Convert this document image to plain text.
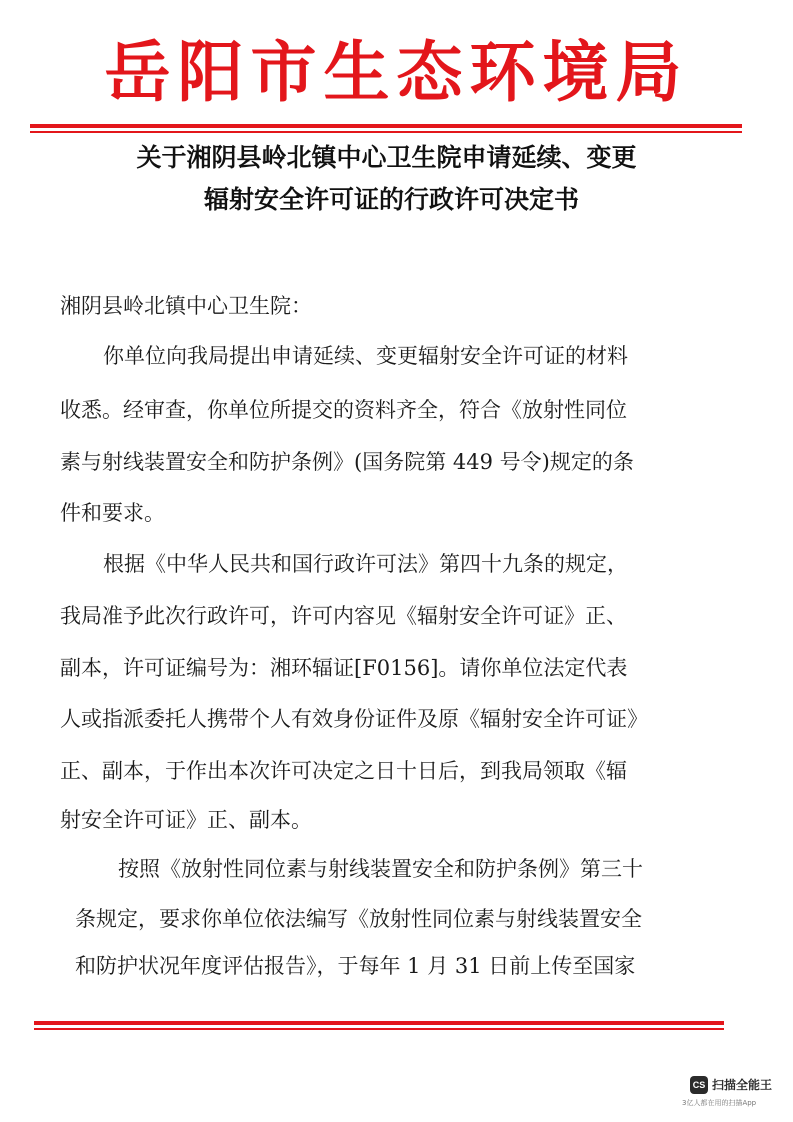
岳阳市生态环境局
关于湘阴县岭北镇中心卫生院申请延续、变更
辐射安全许可证的行政许可决定书
湘阴县岭北镇中心卫生院：
你单位向我局提出申请延续、变更辐射安全许可证的材料
收悉。经审查，你单位所提交的资料齐全，符合《放射性同位
素与射线装置安全和防护条例》(国务院第 449 号令)规定的条
件和要求。
根据《中华人民共和国行政许可法》第四十九条的规定，
我局准予此次行政许可，许可内容见《辐射安全许可证》正、
副本，许可证编号为：湘环辐证[F0156]。请你单位法定代表
人或指派委托人携带个人有效身份证件及原《辐射安全许可证》
正、副本，于作出本次许可决定之日十日后，到我局领取《辐
射安全许可证》正、副本。
按照《放射性同位素与射线装置安全和防护条例》第三十
条规定，要求你单位依法编写《放射性同位素与射线装置安全
和防护状况年度评估报告》，于每年 1 月 31 日前上传至国家
CS 扫描全能王
3亿人都在用的扫描App
